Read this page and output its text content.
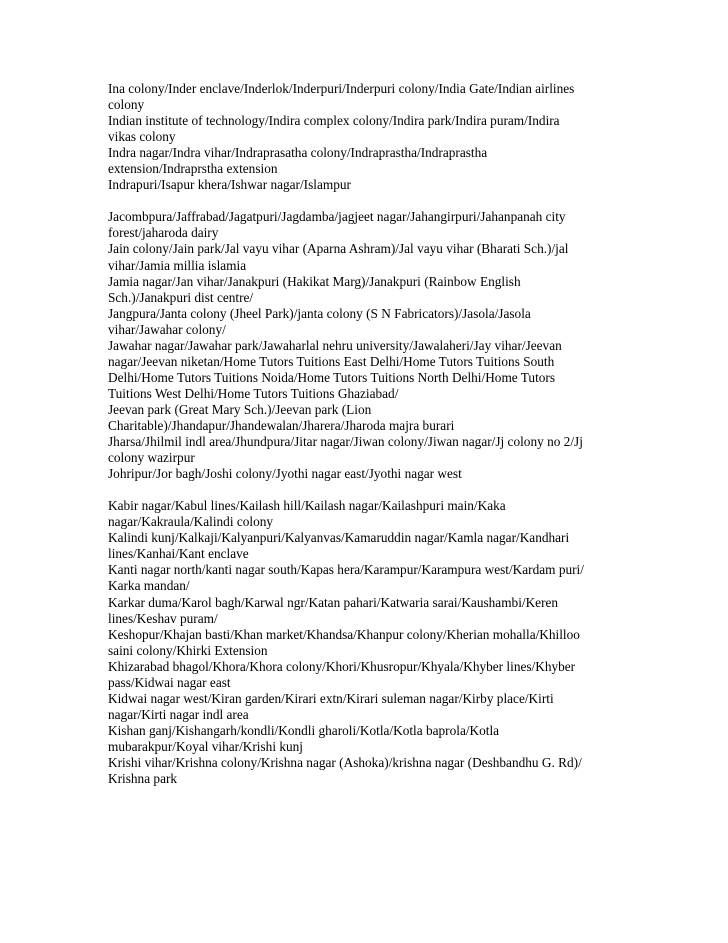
Ina colony/Inder enclave/Inderlok/Inderpuri/Inderpuri colony/India Gate/Indian airlines
colony
Indian institute of technology/Indira complex colony/Indira park/Indira puram/Indira
vikas colony
Indra nagar/Indra vihar/Indraprasatha colony/Indraprastha/Indraprastha
extension/Indraprstha extension
Indrapuri/Isapur khera/Ishwar nagar/Islampur
Jacombpura/Jaffrabad/Jagatpuri/Jagdamba/jagjeet nagar/Jahangirpuri/Jahanpanah city
forest/jaharoda dairy
Jain colony/Jain park/Jal vayu vihar (Aparna Ashram)/Jal vayu vihar (Bharati Sch.)/jal
vihar/Jamia millia islamia
Jamia nagar/Jan vihar/Janakpuri (Hakikat Marg)/Janakpuri (Rainbow English
Sch.)/Janakpuri dist centre/
Jangpura/Janta colony (Jheel Park)/janta colony (S N Fabricators)/Jasola/Jasola
vihar/Jawahar colony/
Jawahar nagar/Jawahar park/Jawaharlal nehru university/Jawalaheri/Jay vihar/Jeevan
nagar/Jeevan niketan/Home Tutors Tuitions East Delhi/Home Tutors Tuitions South
Delhi/Home Tutors Tuitions Noida/Home Tutors Tuitions North Delhi/Home Tutors
Tuitions West Delhi/Home Tutors Tuitions Ghaziabad/
Jeevan park (Great Mary Sch.)/Jeevan park (Lion
Charitable)/Jhandapur/Jhandewalan/Jharera/Jharoda majra burari
Jharsa/Jhilmil indl area/Jhundpura/Jitar nagar/Jiwan colony/Jiwan nagar/Jj colony no 2/Jj
colony wazirpur
Johripur/Jor bagh/Joshi colony/Jyothi nagar east/Jyothi nagar west
Kabir nagar/Kabul lines/Kailash hill/Kailash nagar/Kailashpuri main/Kaka
nagar/Kakraula/Kalindi colony
Kalindi kunj/Kalkaji/Kalyanpuri/Kalyanvas/Kamaruddin nagar/Kamla nagar/Kandhari
lines/Kanhai/Kant enclave
Kanti nagar north/kanti nagar south/Kapas hera/Karampur/Karampura west/Kardam puri/
Karka mandan/
Karkar duma/Karol bagh/Karwal ngr/Katan pahari/Katwaria sarai/Kaushambi/Keren
lines/Keshav puram/
Keshopur/Khajan basti/Khan market/Khandsa/Khanpur colony/Kherian mohalla/Khilloo
saini colony/Khirki Extension
Khizarabad bhagol/Khora/Khora colony/Khori/Khusropur/Khyala/Khyber lines/Khyber
pass/Kidwai nagar east
Kidwai nagar west/Kiran garden/Kirari extn/Kirari suleman nagar/Kirby place/Kirti
nagar/Kirti nagar indl area
Kishan ganj/Kishangarh/kondli/Kondli gharoli/Kotla/Kotla baprola/Kotla
mubarakpur/Koyal vihar/Krishi kunj
Krishi vihar/Krishna colony/Krishna nagar (Ashoka)/krishna nagar (Deshbandhu G. Rd)/
Krishna park
